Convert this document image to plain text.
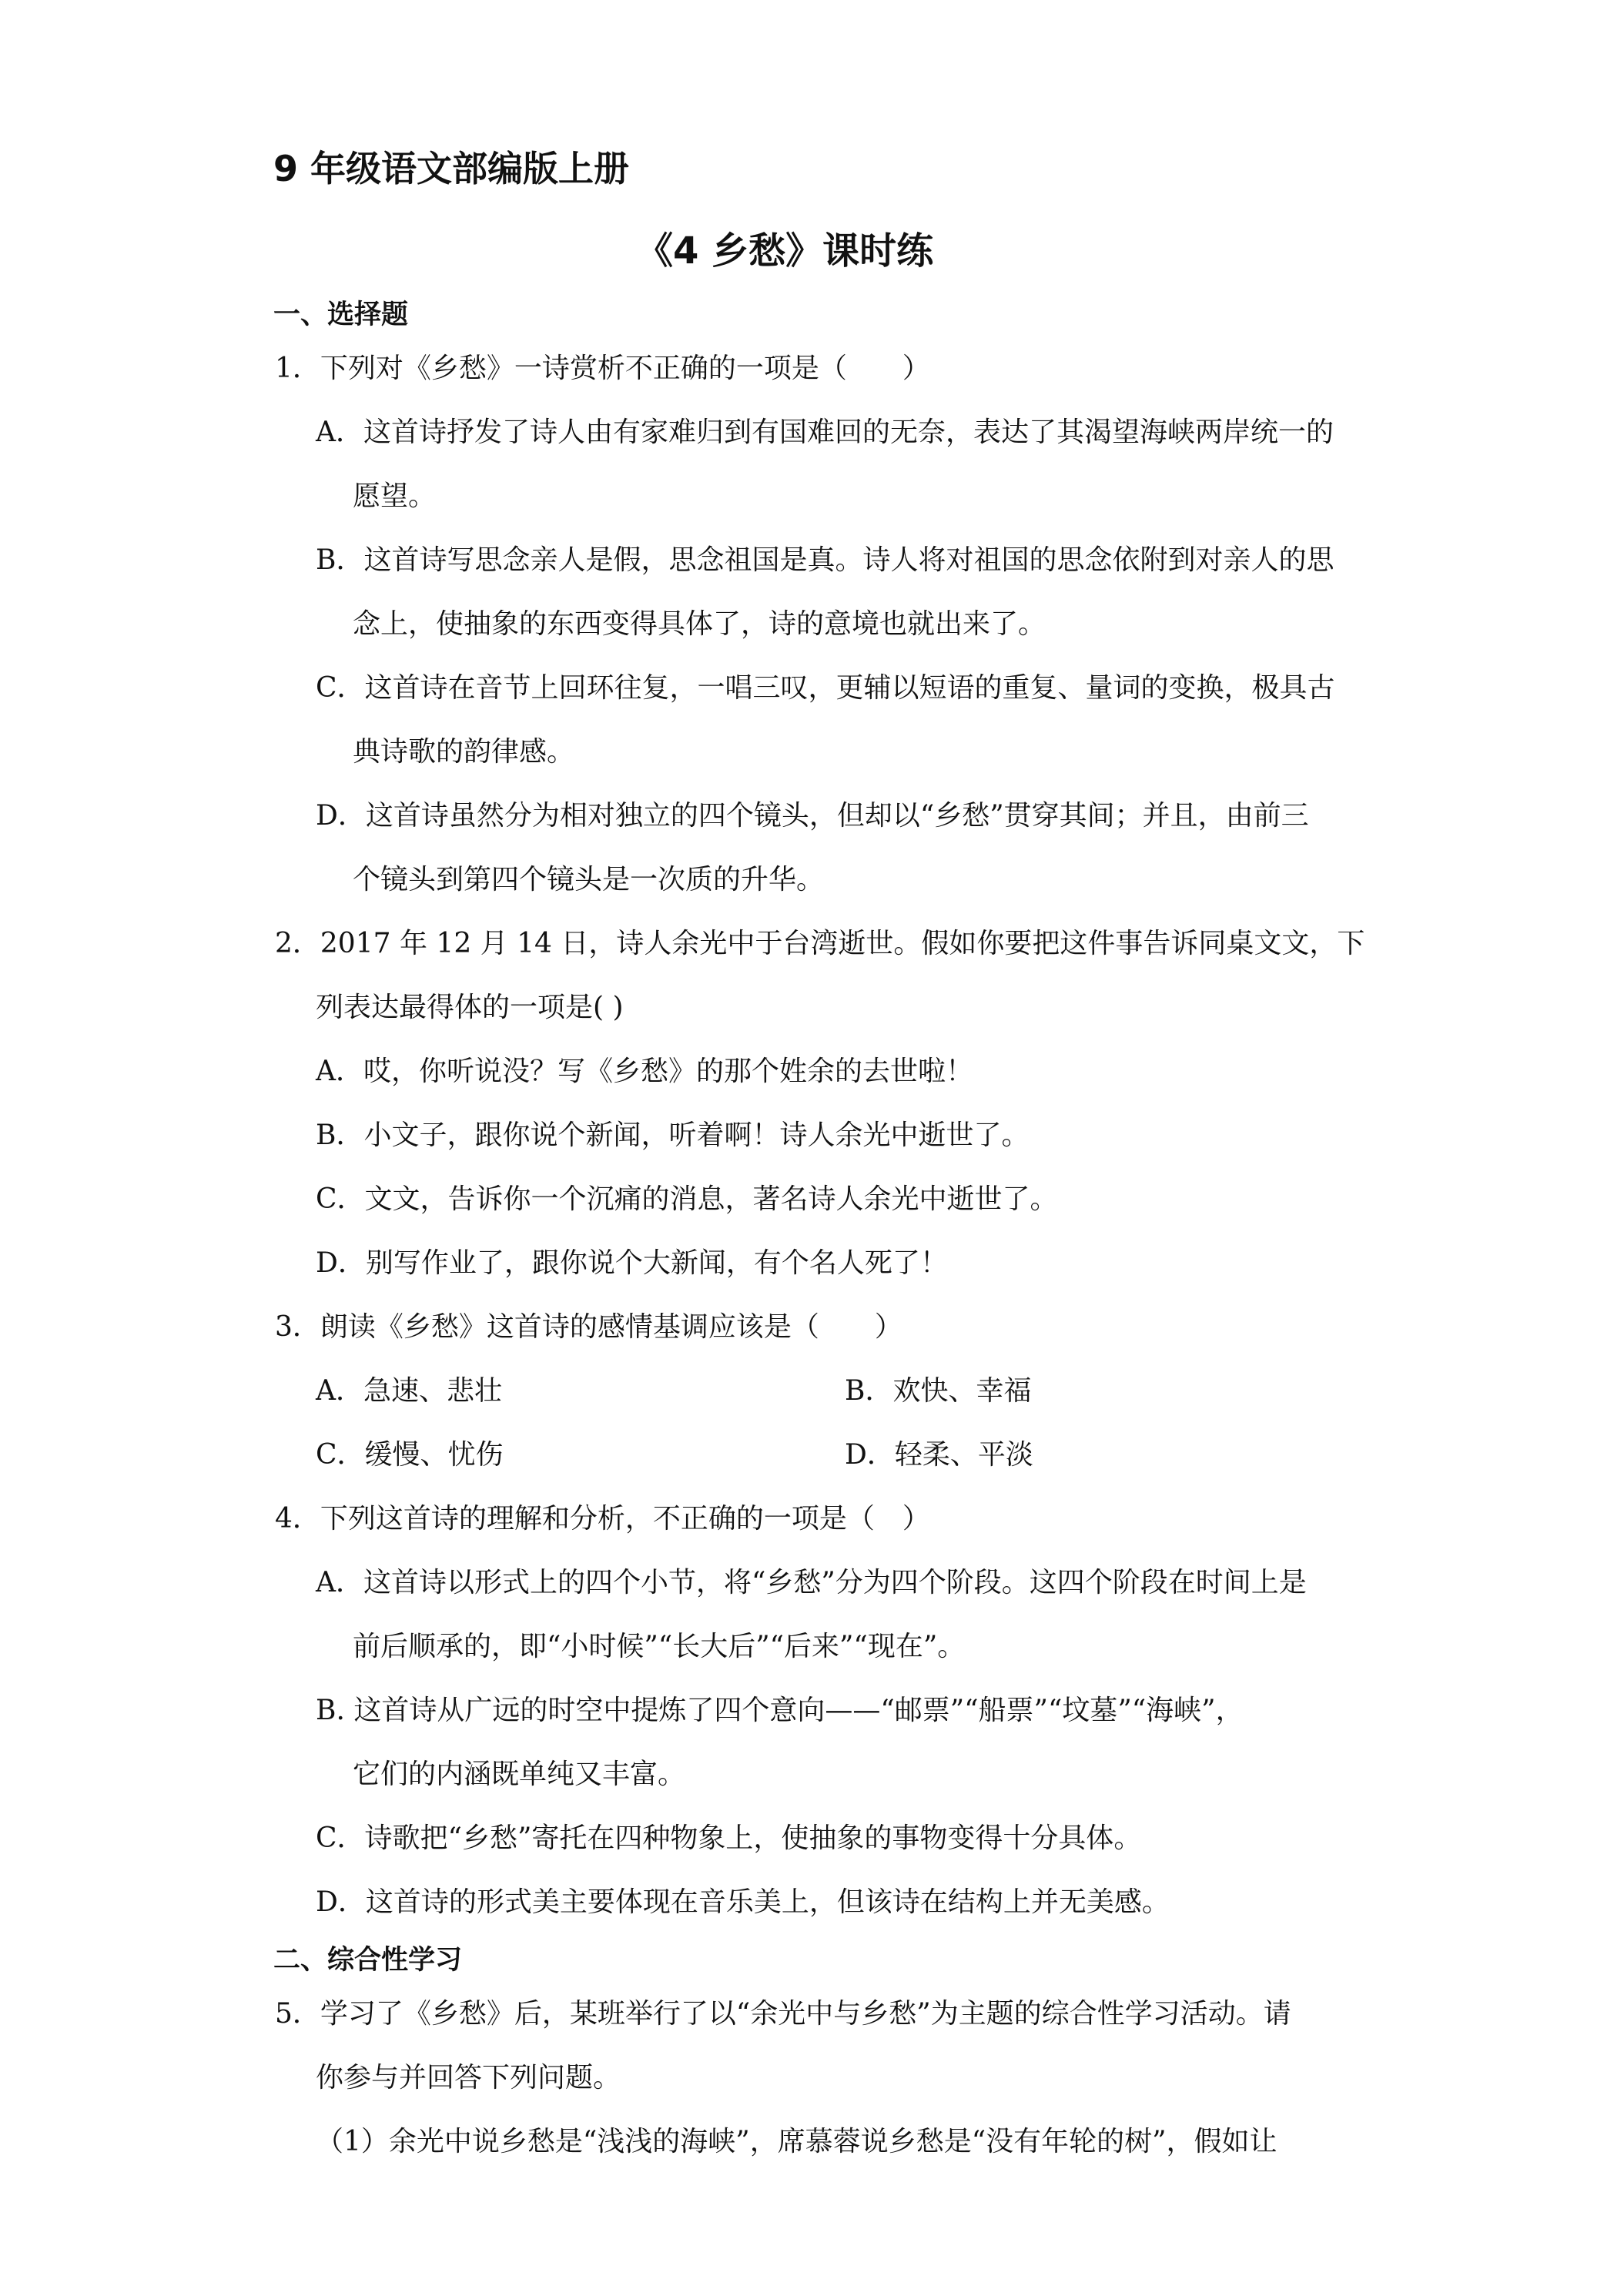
9 年级语文部编版上册
《4 乡愁》课时练
一、选择题
1．下列对《乡愁》一诗赏析不正确的一项是（　　）
A．这首诗抒发了诗人由有家难归到有国难回的无奈，表达了其渴望海峡两岸统一的
愿望。
B．这首诗写思念亲人是假，思念祖国是真。诗人将对祖国的思念依附到对亲人的思
念上，使抽象的东西变得具体了，诗的意境也就出来了。
C．这首诗在音节上回环往复，一唱三叹，更辅以短语的重复、量词的变换，极具古
典诗歌的韵律感。
D．这首诗虽然分为相对独立的四个镜头，但却以“乡愁”贯穿其间；并且，由前三
个镜头到第四个镜头是一次质的升华。
2．2017 年 12 月 14 日，诗人余光中于台湾逝世。假如你要把这件事告诉同桌文文，下
列表达最得体的一项是( )
A．哎，你听说没？写《乡愁》的那个姓余的去世啦！
B．小文子，跟你说个新闻，听着啊！诗人余光中逝世了。
C．文文，告诉你一个沉痛的消息，著名诗人余光中逝世了。
D．别写作业了，跟你说个大新闻，有个名人死了！
3．朗读《乡愁》这首诗的感情基调应该是（　　）
A．急速、悲壮	B．欢快、幸福
C．缓慢、忧伤	D．轻柔、平淡
4．下列这首诗的理解和分析，不正确的一项是（　）
A．这首诗以形式上的四个小节，将“乡愁”分为四个阶段。这四个阶段在时间上是
前后顺承的，即“小时候”“长大后”“后来”“现在”。
B. 这首诗从广远的时空中提炼了四个意向——“邮票”“船票”“坟墓”“海峡”，
它们的内涵既单纯又丰富。
C．诗歌把“乡愁”寄托在四种物象上，使抽象的事物变得十分具体。
D．这首诗的形式美主要体现在音乐美上，但该诗在结构上并无美感。
二、综合性学习
5．学习了《乡愁》后，某班举行了以“余光中与乡愁”为主题的综合性学习活动。请
你参与并回答下列问题。
（1）余光中说乡愁是“浅浅的海峡”，席慕蓉说乡愁是“没有年轮的树”，假如让
